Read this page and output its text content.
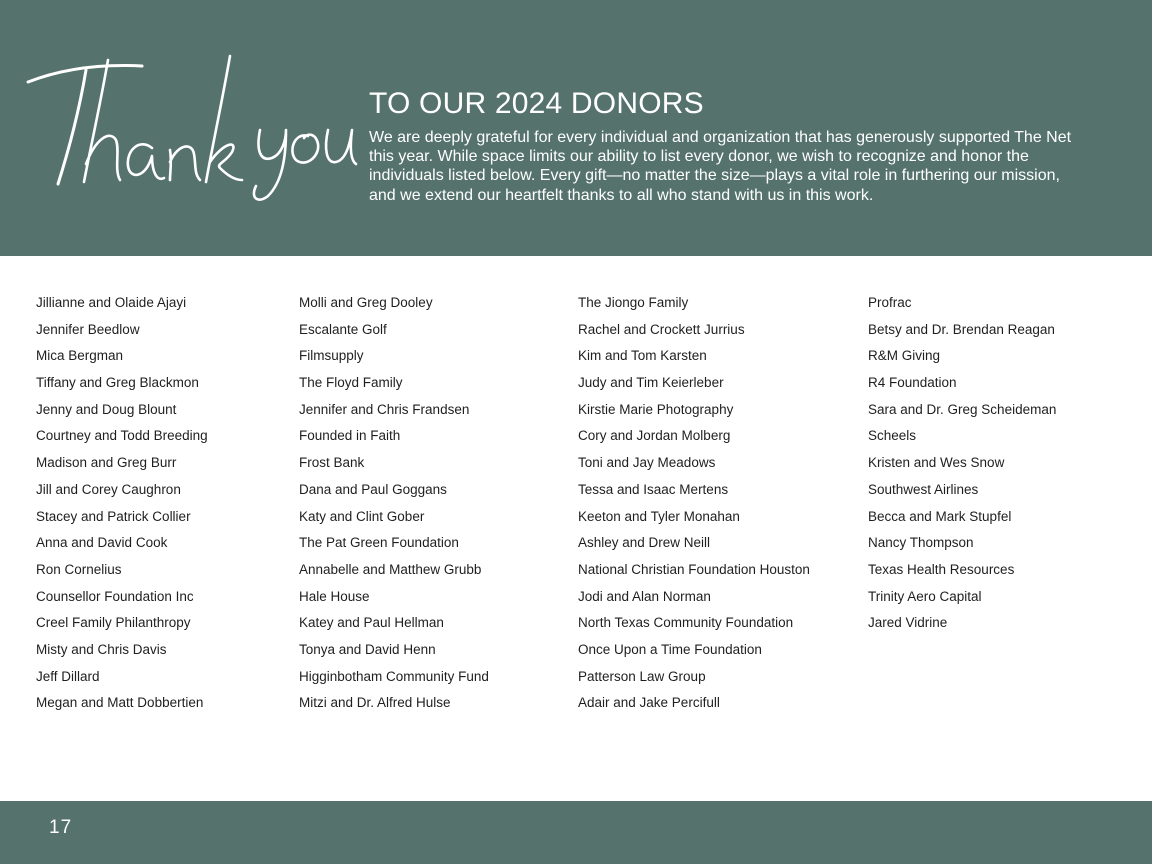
TO OUR 2024 DONORS

We are deeply grateful for every individual and organization that has generously supported The Net this year. While space limits our ability to list every donor, we wish to recognize and honor the individuals listed below. Every gift—no matter the size—plays a vital role in furthering our mission, and we extend our heartfelt thanks to all who stand with us in this work.

Jillianne and Olaide Ajayi
Jennifer Beedlow
Mica Bergman
Tiffany and Greg Blackmon
Jenny and Doug Blount
Courtney and Todd Breeding
Madison and Greg Burr
Jill and Corey Caughron
Stacey and Patrick Collier
Anna and David Cook
Ron Cornelius
Counsellor Foundation Inc
Creel Family Philanthropy
Misty and Chris Davis
Jeff Dillard
Megan and Matt Dobbertien
Molli and Greg Dooley
Escalante Golf
Filmsupply
The Floyd Family
Jennifer and Chris Frandsen
Founded in Faith
Frost Bank
Dana and Paul Goggans
Katy and Clint Gober
The Pat Green Foundation
Annabelle and Matthew Grubb
Hale House
Katey and Paul Hellman
Tonya and David Henn
Higginbotham Community Fund
Mitzi and Dr. Alfred Hulse
The Jiongo Family
Rachel and Crockett Jurrius
Kim and Tom Karsten
Judy and Tim Keierleber
Kirstie Marie Photography
Cory and Jordan Molberg
Toni and Jay Meadows
Tessa and Isaac Mertens
Keeton and Tyler Monahan
Ashley and Drew Neill
National Christian Foundation Houston
Jodi and Alan Norman
North Texas Community Foundation
Once Upon a Time Foundation
Patterson Law Group
Adair and Jake Percifull
Profrac
Betsy and Dr. Brendan Reagan
R&M Giving
R4 Foundation
Sara and Dr. Greg Scheideman
Scheels
Kristen and Wes Snow
Southwest Airlines
Becca and Mark Stupfel
Nancy Thompson
Texas Health Resources
Trinity Aero Capital
Jared Vidrine
17
